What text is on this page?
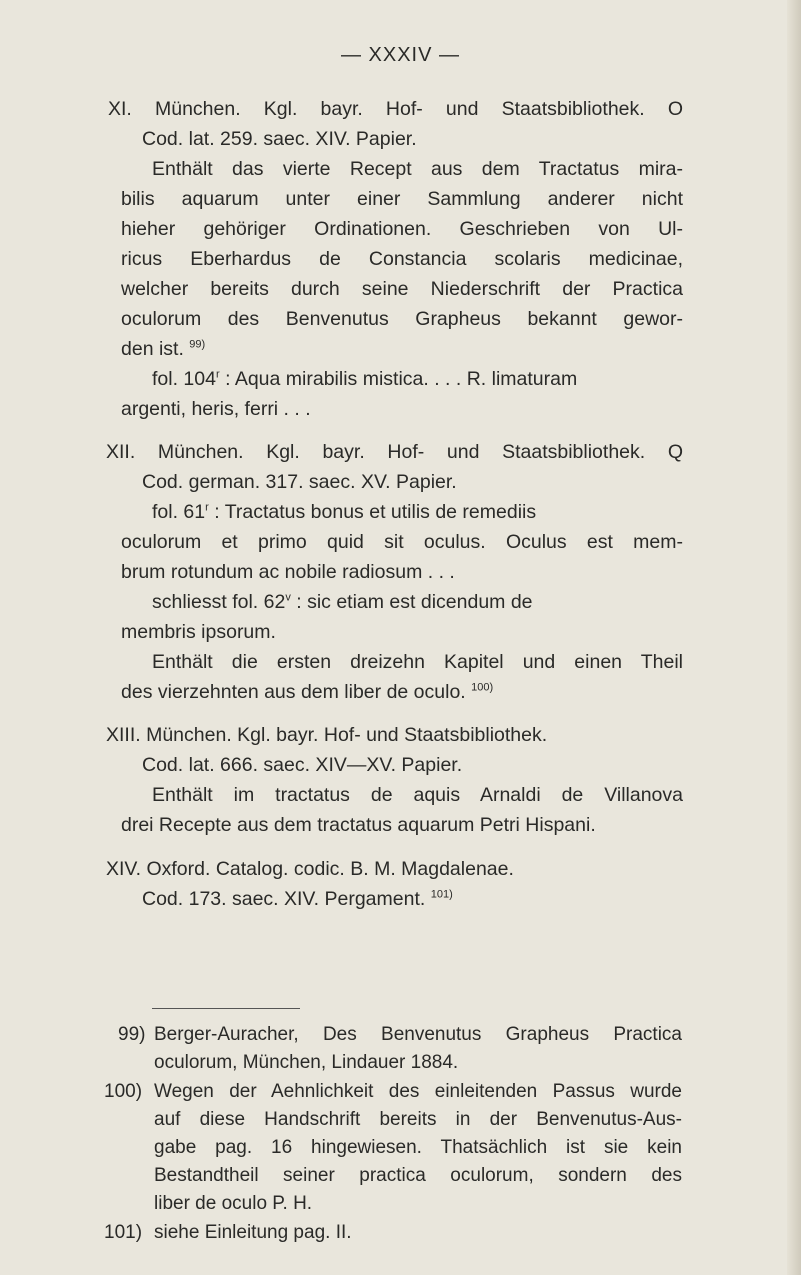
— XXXIV —
XI. München. Kgl. bayr. Hof- und Staatsbibliothek. O
Cod. lat. 259. saec. XIV. Papier.
Enthält das vierte Recept aus dem Tractatus mira-
bilis aquarum unter einer Sammlung anderer nicht
hieher gehöriger Ordinationen. Geschrieben von Ul-
ricus Eberhardus de Constancia scolaris medicinae,
welcher bereits durch seine Niederschrift der Practica
oculorum des Benvenutus Grapheus bekannt gewor-
den ist. $^{99)}$
fol. 104$^r$ : Aqua mirabilis mistica. . . . R. limaturam
argenti, heris, ferri . . .
XII. München. Kgl. bayr. Hof- und Staatsbibliothek. Q
Cod. german. 317. saec. XV. Papier.
fol. 61$^r$ : Tractatus bonus et utilis de remediis
oculorum et primo quid sit oculus. Oculus est mem-
brum rotundum ac nobile radiosum . . .
schliesst fol. 62$^v$ : sic etiam est dicendum de
membris ipsorum.
Enthält die ersten dreizehn Kapitel und einen Theil
des vierzehnten aus dem liber de oculo. $^{100)}$
XIII. München. Kgl. bayr. Hof- und Staatsbibliothek.
Cod. lat. 666. saec. XIV—XV. Papier.
Enthält im tractatus de aquis Arnaldi de Villanova
drei Recepte aus dem tractatus aquarum Petri Hispani.
XIV. Oxford. Catalog. codic. B. M. Magdalenae.
Cod. 173. saec. XIV. Pergament. $^{101)}$
99) Berger-Auracher, Des Benvenutus Grapheus Practica
oculorum, München, Lindauer 1884.
100) Wegen der Aehnlichkeit des einleitenden Passus wurde
auf diese Handschrift bereits in der Benvenutus-Aus-
gabe pag. 16 hingewiesen. Thatsächlich ist sie kein
Bestandtheil seiner practica oculorum, sondern des
liber de oculo P. H.
101) siehe Einleitung pag. II.
